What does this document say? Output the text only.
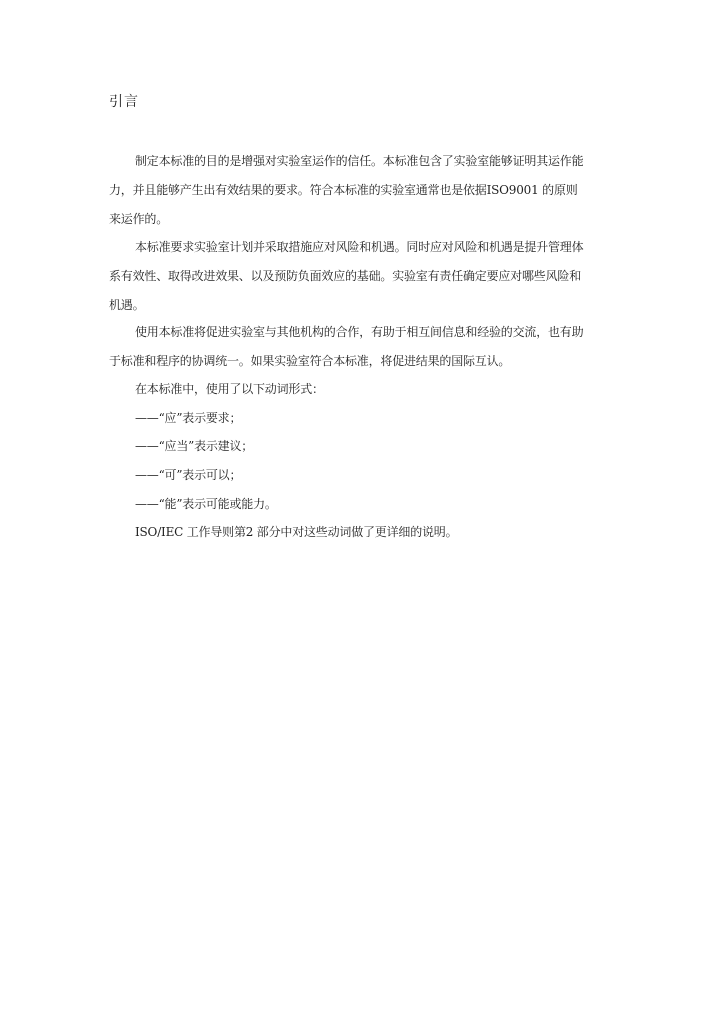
引言
制定本标准的目的是增强对实验室运作的信任。本标准包含了实验室能够证明其运作能
力，并且能够产生出有效结果的要求。符合本标准的实验室通常也是依据ISO9001 的原则
来运作的。
本标准要求实验室计划并采取措施应对风险和机遇。同时应对风险和机遇是提升管理体
系有效性、取得改进效果、以及预防负面效应的基础。实验室有责任确定要应对哪些风险和
机遇。
使用本标准将促进实验室与其他机构的合作，有助于相互间信息和经验的交流，也有助
于标准和程序的协调统一。如果实验室符合本标准，将促进结果的国际互认。
在本标准中，使用了以下动词形式：
——“应”表示要求；
——“应当”表示建议；
——“可”表示可以；
——“能”表示可能或能力。
ISO/IEC 工作导则第2 部分中对这些动词做了更详细的说明。
